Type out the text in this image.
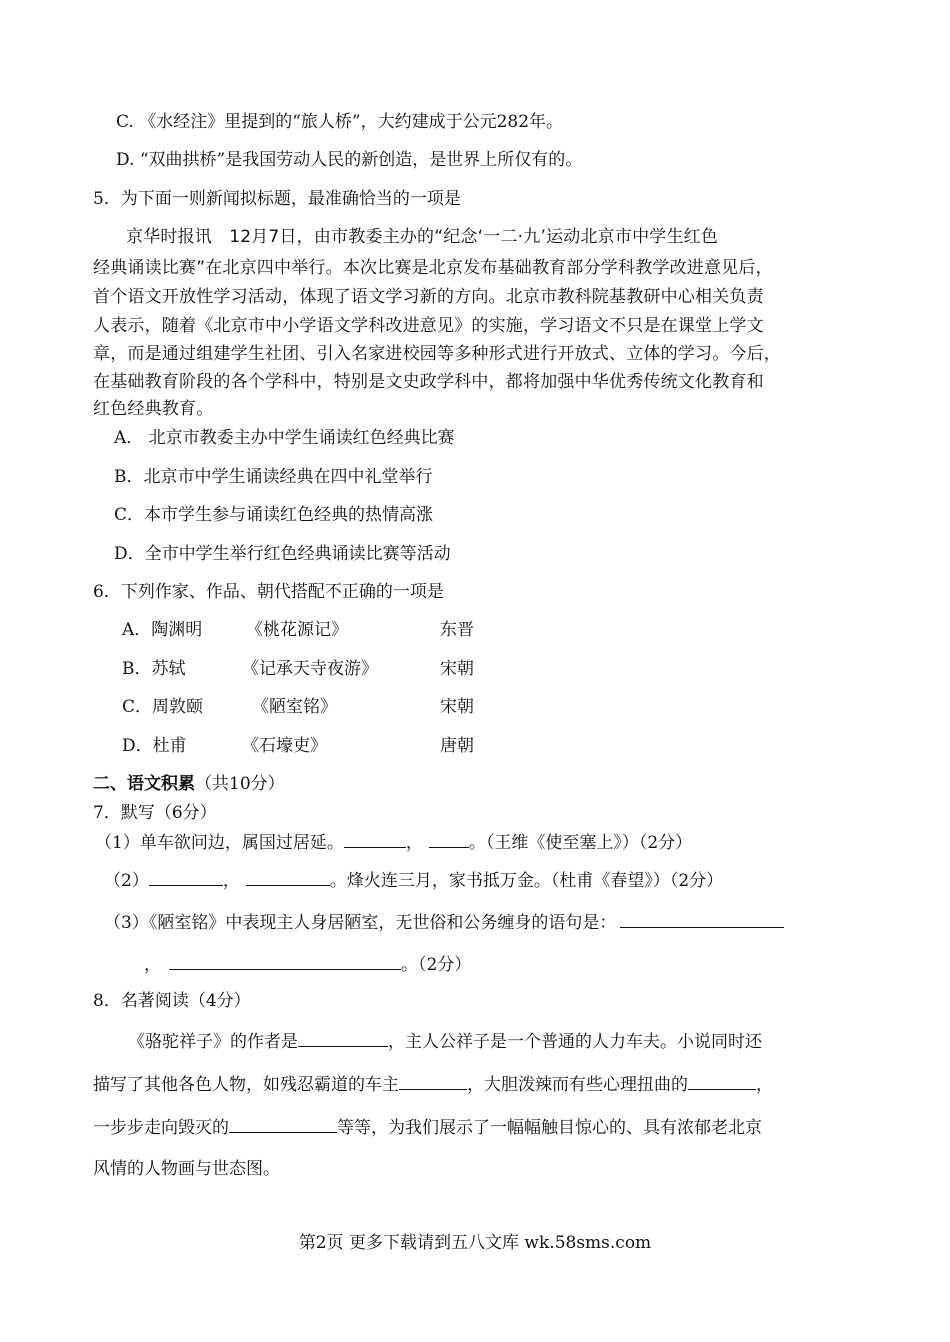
C. 《水经注》里提到的“旅人桥”，大约建成于公元282年。
D. “双曲拱桥”是我国劳动人民的新创造，是世界上所仅有的。
5．为下面一则新闻拟标题，最准确恰当的一项是
京华时报讯　12月7日，由市教委主办的“纪念‘一二·九’运动北京市中学生红色
经典诵读比赛”在北京四中举行。本次比赛是北京发布基础教育部分学科教学改进意见后，
首个语文开放性学习活动，体现了语文学习新的方向。北京市教科院基教研中心相关负责
人表示，随着《北京市中小学语文学科改进意见》的实施，学习语文不只是在课堂上学文
章，而是通过组建学生社团、引入名家进校园等多种形式进行开放式、立体的学习。今后，
在基础教育阶段的各个学科中，特别是文史政学科中，都将加强中华优秀传统文化教育和
红色经典教育。
A． 北京市教委主办中学生诵读红色经典比赛
B．北京市中学生诵读经典在四中礼堂举行
C．本市学生参与诵读红色经典的热情高涨
D．全市中学生举行红色经典诵读比赛等活动
6．下列作家、作品、朝代搭配不正确的一项是
A．陶渊明	《桃花源记》	东晋
B．苏轼	《记承天寺夜游》	宋朝
C．周敦颐	《陋室铭》	宋朝
D．杜甫	《石壕吏》	唐朝
二、语文积累（共10分）
7．默写（6分）
（1）单车欲问边，属国过居延。	，	。（王维《使至塞上》）（2分）
（2）	，	。烽火连三月，家书抵万金。（杜甫《春望》）（2分）
（3）《陋室铭》中表现主人身居陋室，无世俗和公务缠身的语句是：
，	。（2分）
8．名著阅读（4分）
《骆驼祥子》的作者是	，主人公祥子是一个普通的人力车夫。小说同时还
描写了其他各色人物，如残忍霸道的车主	，大胆泼辣而有些心理扭曲的	，
一步步走向毁灭的	等等，为我们展示了一幅幅触目惊心的、具有浓郁老北京
风情的人物画与世态图。
第2页 更多下载请到五八文库 wk.58sms.com
